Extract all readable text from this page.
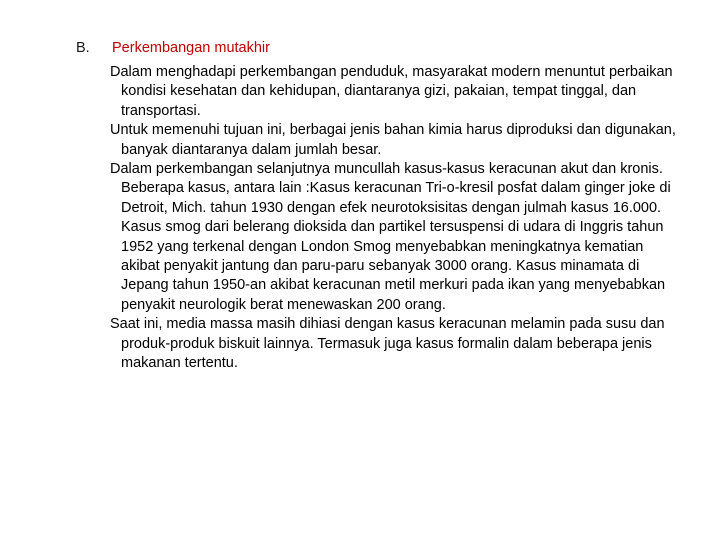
B. Perkembangan mutakhir

Dalam menghadapi perkembangan penduduk, masyarakat modern menuntut perbaikan kondisi kesehatan dan kehidupan, diantaranya gizi, pakaian, tempat tinggal, dan transportasi.

Untuk memenuhi tujuan ini, berbagai jenis bahan kimia harus diproduksi dan digunakan, banyak diantaranya dalam jumlah besar.

Dalam perkembangan selanjutnya muncullah kasus-kasus keracunan akut dan kronis. Beberapa kasus, antara lain :Kasus keracunan Tri-o-kresil posfat dalam ginger joke di Detroit, Mich. tahun 1930 dengan efek neurotoksisitas dengan julmah kasus 16.000. Kasus smog dari belerang dioksida dan partikel tersuspensi di udara di Inggris tahun 1952 yang terkenal dengan London Smog menyebabkan meningkatnya kematian akibat penyakit jantung dan paru-paru sebanyak 3000 orang. Kasus minamata di Jepang tahun 1950-an akibat keracunan metil merkuri pada ikan yang menyebabkan penyakit neurologik berat menewaskan 200 orang.

Saat ini, media massa masih dihiasi dengan kasus keracunan melamin pada susu dan produk-produk biskuit lainnya. Termasuk juga kasus formalin dalam beberapa jenis makanan tertentu.
